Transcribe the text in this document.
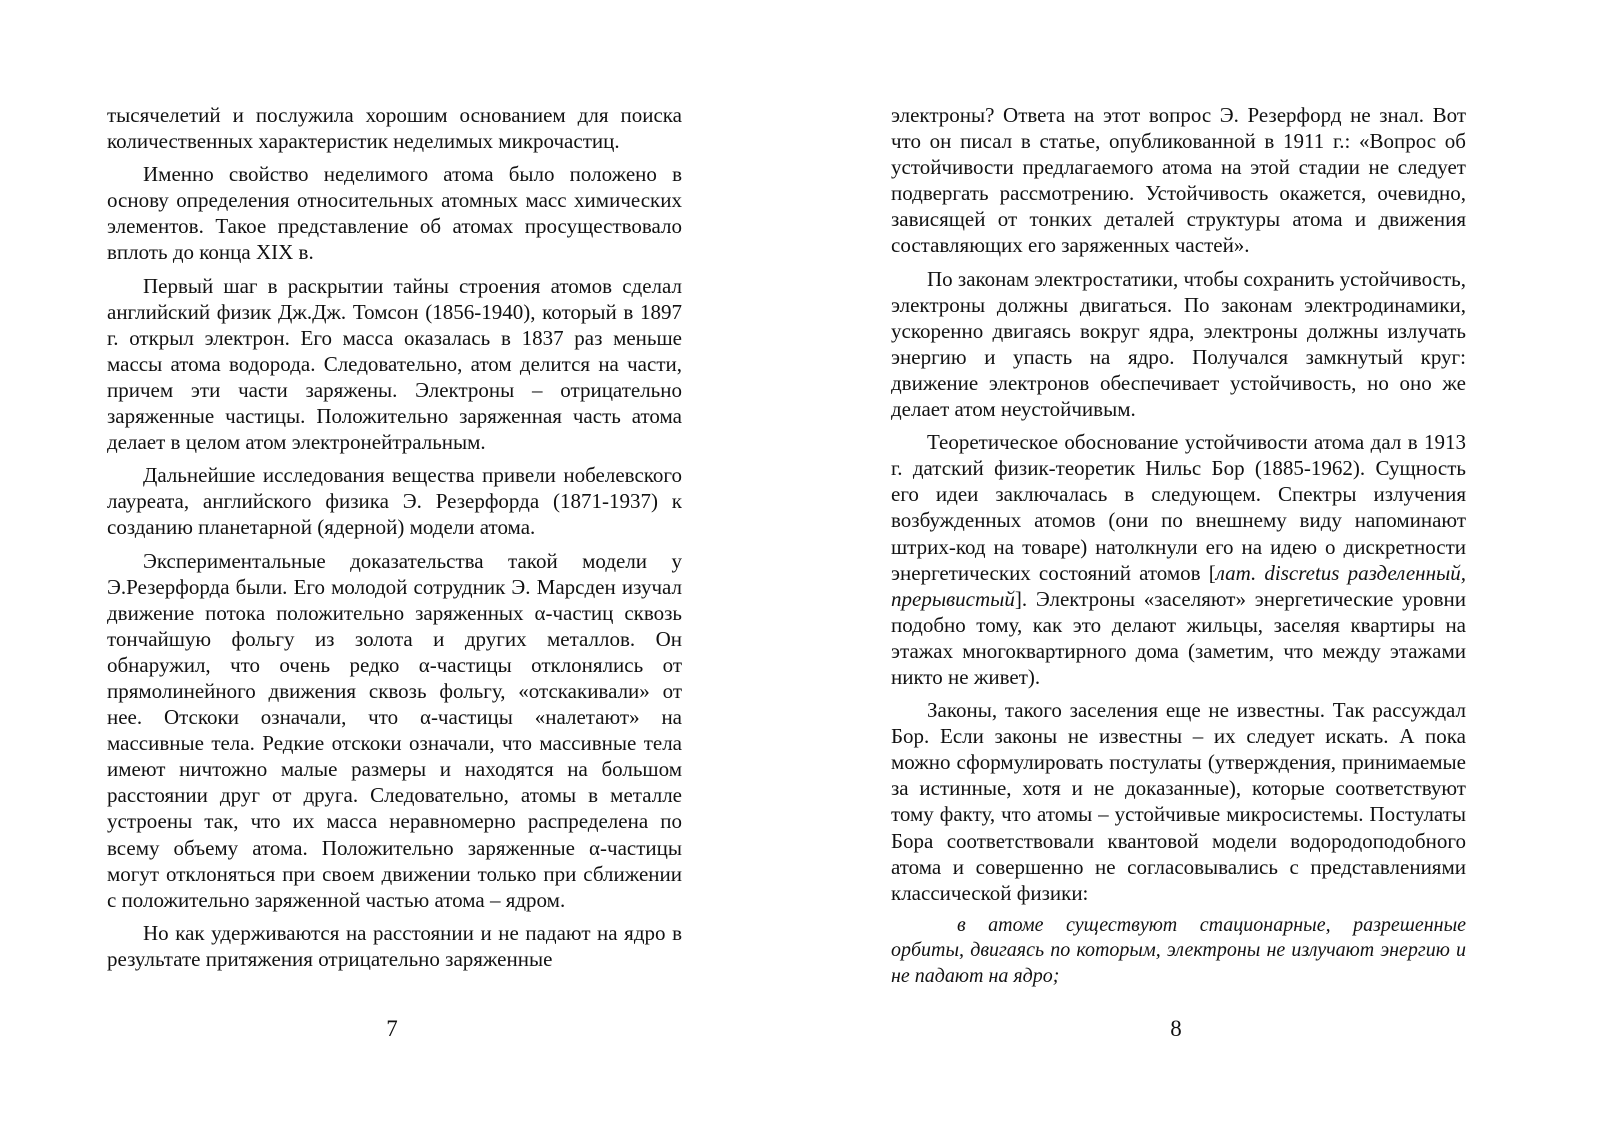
тысячелетий и послужила хорошим основанием для поиска количественных характеристик неделимых микрочастиц.

Именно свойство неделимого атома было положено в основу определения относительных атомных масс химических элементов. Такое представление об атомах просуществовало вплоть до конца XIX в.

Первый шаг в раскрытии тайны строения атомов сделал английский физик Дж.Дж. Томсон (1856-1940), который в 1897 г. открыл электрон. Его масса оказалась в 1837 раз меньше массы атома водорода. Следовательно, атом делится на части, причем эти части заряжены. Электроны – отрицательно заряженные частицы. Положительно заряженная часть атома делает в целом атом электронейтральным.

Дальнейшие исследования вещества привели нобелевского лауреата, английского физика Э. Резерфорда (1871-1937) к созданию планетарной (ядерной) модели атома.

Экспериментальные доказательства такой модели у Э.Резерфорда были. Его молодой сотрудник Э. Марсден изучал движение потока положительно заряженных α-частиц сквозь тончайшую фольгу из золота и других металлов. Он обнаружил, что очень редко α-частицы отклонялись от прямолинейного движения сквозь фольгу, «отскакивали» от нее. Отскоки означали, что α-частицы «налетают» на массивные тела. Редкие отскоки означали, что массивные тела имеют ничтожно малые размеры и находятся на большом расстоянии друг от друга. Следовательно, атомы в металле устроены так, что их масса неравномерно распределена по всему объему атома. Положительно заряженные α-частицы могут отклоняться при своем движении только при сближении с положительно заряженной частью атома – ядром.

Но как удерживаются на расстоянии и не падают на ядро в результате притяжения отрицательно заряженные

7

электроны? Ответа на этот вопрос Э. Резерфорд не знал. Вот что он писал в статье, опубликованной в 1911 г.: «Вопрос об устойчивости предлагаемого атома на этой стадии не следует подвергать рассмотрению. Устойчивость окажется, очевидно, зависящей от тонких деталей структуры атома и движения составляющих его заряженных частей».

По законам электростатики, чтобы сохранить устойчивость, электроны должны двигаться. По законам электродинамики, ускоренно двигаясь вокруг ядра, электроны должны излучать энергию и упасть на ядро. Получался замкнутый круг: движение электронов обеспечивает устойчивость, но оно же делает атом неустойчивым.

Теоретическое обоснование устойчивости атома дал в 1913 г. датский физик-теоретик Нильс Бор (1885-1962). Сущность его идеи заключалась в следующем. Спектры излучения возбужденных атомов (они по внешнему виду напоминают штрих-код на товаре) натолкнули его на идею о дискретности энергетических состояний атомов [лат. discretus разделенный, прерывистый]. Электроны «заселяют» энергетические уровни подобно тому, как это делают жильцы, заселяя квартиры на этажах многоквартирного дома (заметим, что между этажами никто не живет).

Законы, такого заселения еще не известны. Так рассуждал Бор. Если законы не известны – их следует искать. А пока можно сформулировать постулаты (утверждения, принимаемые за истинные, хотя и не доказанные), которые соответствуют тому факту, что атомы – устойчивые микросистемы. Постулаты Бора соответствовали квантовой модели водородоподобного атома и совершенно не согласовывались с представлениями классической физики:

в атоме существуют стационарные, разрешенные орбиты, двигаясь по которым, электроны не излучают энергию и не падают на ядро;

8
